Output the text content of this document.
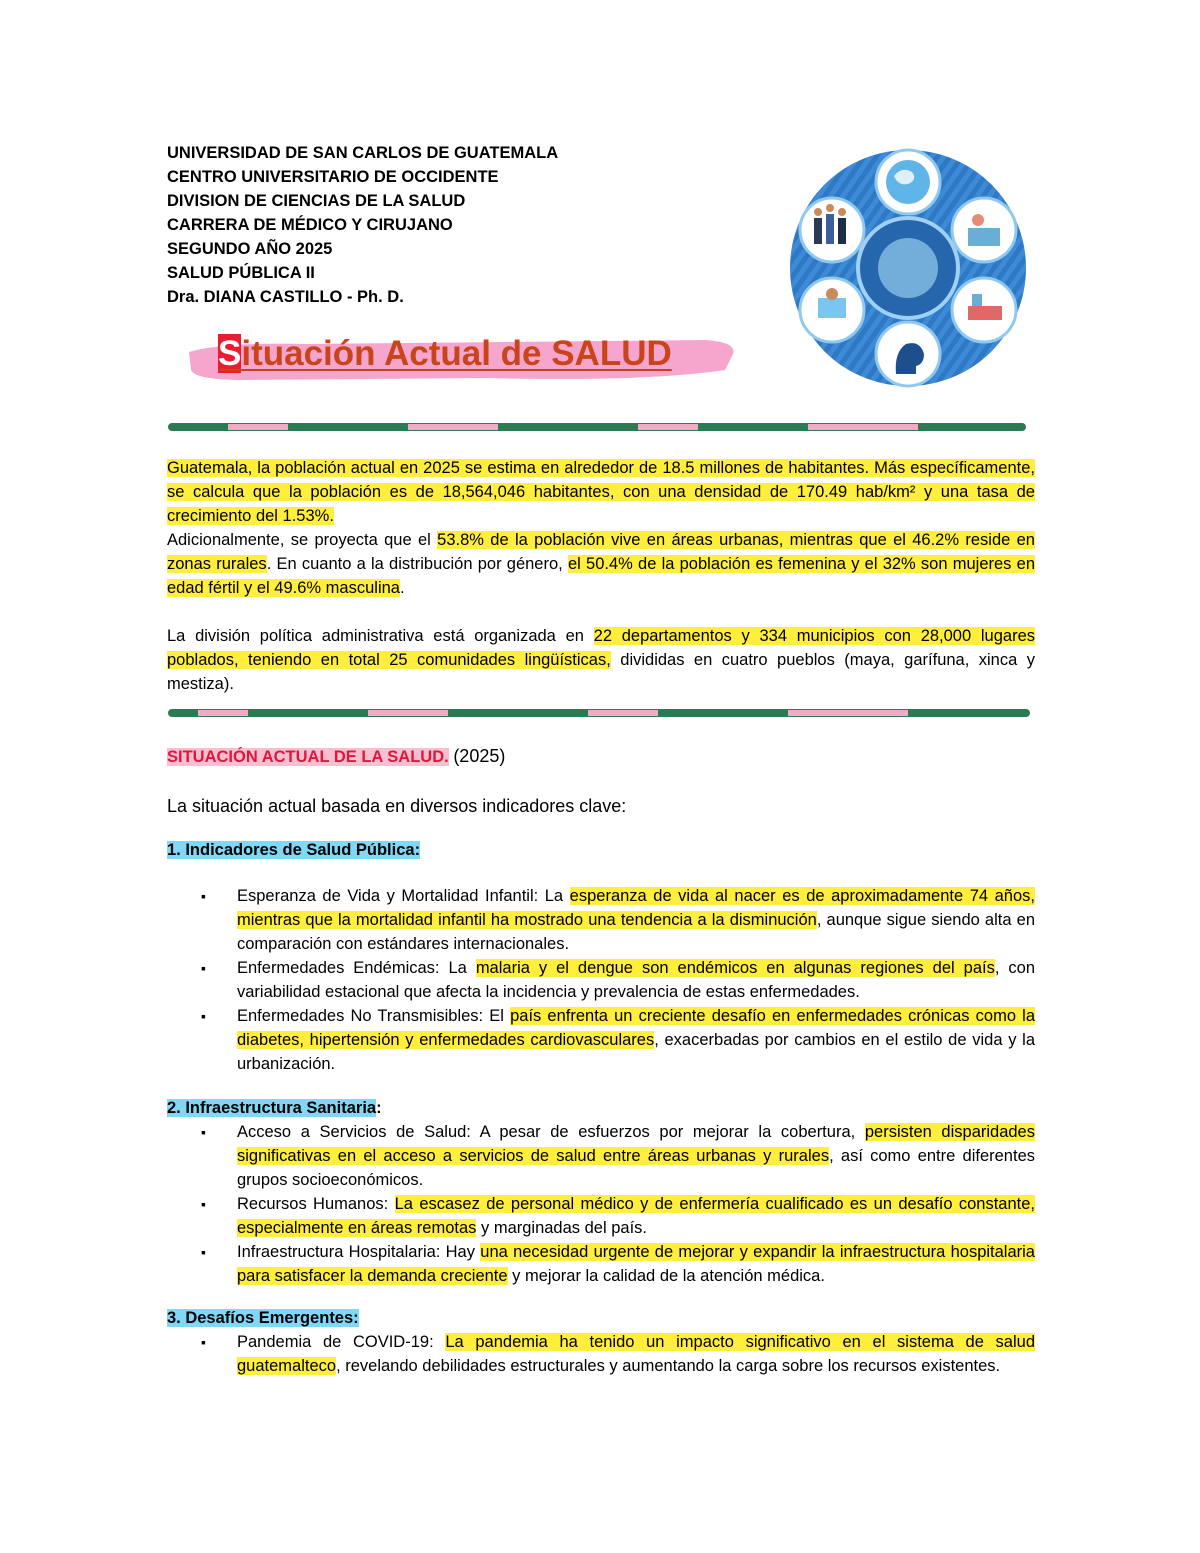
UNIVERSIDAD DE SAN CARLOS DE GUATEMALA
CENTRO UNIVERSITARIO DE OCCIDENTE
DIVISION DE CIENCIAS DE LA SALUD
CARRERA DE MÉDICO Y CIRUJANO
SEGUNDO AÑO 2025
SALUD PÚBLICA II
Dra. DIANA CASTILLO - Ph. D.
Situación Actual de SALUD
Guatemala, la población actual en 2025 se estima en alrededor de 18.5 millones de habitantes. Más específicamente, se calcula que la población es de 18,564,046 habitantes, con una densidad de 170.49 hab/km² y una tasa de crecimiento del 1.53%.
Adicionalmente, se proyecta que el 53.8% de la población vive en áreas urbanas, mientras que el 46.2% reside en zonas rurales. En cuanto a la distribución por género, el 50.4% de la población es femenina y el 32% son mujeres en edad fértil y el 49.6% masculina.
La división política administrativa está organizada en 22 departamentos y 334 municipios con 28,000 lugares poblados, teniendo en total 25 comunidades lingüísticas, divididas en cuatro pueblos (maya, garífuna, xinca y mestiza).
SITUACIÓN ACTUAL DE LA SALUD. (2025)
La situación actual basada en diversos indicadores clave:
1. Indicadores de Salud Pública:
▪ Esperanza de Vida y Mortalidad Infantil: La esperanza de vida al nacer es de aproximadamente 74 años, mientras que la mortalidad infantil ha mostrado una tendencia a la disminución, aunque sigue siendo alta en comparación con estándares internacionales.
▪ Enfermedades Endémicas: La malaria y el dengue son endémicos en algunas regiones del país, con variabilidad estacional que afecta la incidencia y prevalencia de estas enfermedades.
▪ Enfermedades No Transmisibles: El país enfrenta un creciente desafío en enfermedades crónicas como la diabetes, hipertensión y enfermedades cardiovasculares, exacerbadas por cambios en el estilo de vida y la urbanización.
2. Infraestructura Sanitaria:
▪ Acceso a Servicios de Salud: A pesar de esfuerzos por mejorar la cobertura, persisten disparidades significativas en el acceso a servicios de salud entre áreas urbanas y rurales, así como entre diferentes grupos socioeconómicos.
▪ Recursos Humanos: La escasez de personal médico y de enfermería cualificado es un desafío constante, especialmente en áreas remotas y marginadas del país.
▪ Infraestructura Hospitalaria: Hay una necesidad urgente de mejorar y expandir la infraestructura hospitalaria para satisfacer la demanda creciente y mejorar la calidad de la atención médica.
3. Desafíos Emergentes:
▪ Pandemia de COVID-19: La pandemia ha tenido un impacto significativo en el sistema de salud guatemalteco, revelando debilidades estructurales y aumentando la carga sobre los recursos existentes.
